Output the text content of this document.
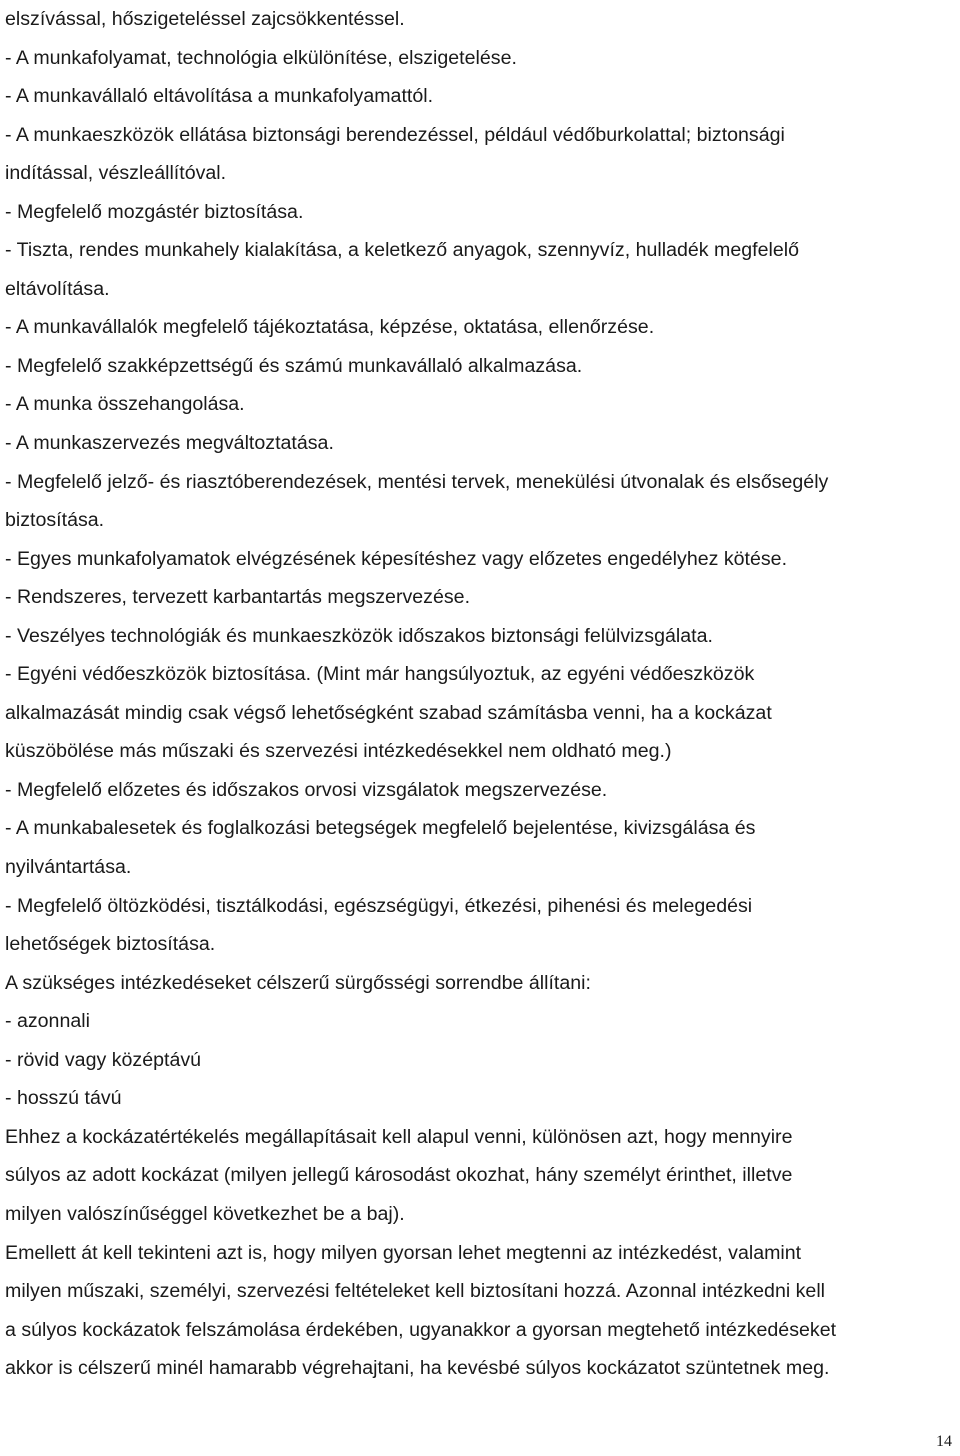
elszívással, hőszigeteléssel zajcsökkentéssel.
- A munkafolyamat, technológia elkülönítése, elszigetelése.
- A munkavállaló eltávolítása a munkafolyamattól.
- A munkaeszközök ellátása biztonsági berendezéssel, például védőburkolattal; biztonsági
indítással, vészleállítóval.
- Megfelelő mozgástér biztosítása.
- Tiszta, rendes munkahely kialakítása, a keletkező anyagok, szennyvíz, hulladék megfelelő
eltávolítása.
- A munkavállalók megfelelő tájékoztatása, képzése, oktatása, ellenőrzése.
- Megfelelő szakképzettségű és számú munkavállaló alkalmazása.
- A munka összehangolása.
- A munkaszervezés megváltoztatása.
- Megfelelő jelző- és riasztóberendezések, mentési tervek, menekülési útvonalak és elsősegély
biztosítása.
- Egyes munkafolyamatok elvégzésének képesítéshez vagy előzetes engedélyhez kötése.
- Rendszeres, tervezett karbantartás megszervezése.
- Veszélyes technológiák és munkaeszközök időszakos biztonsági felülvizsgálata.
- Egyéni védőeszközök biztosítása. (Mint már hangsúlyoztuk, az egyéni védőeszközök
alkalmazását mindig csak végső lehetőségként szabad számításba venni, ha a kockázat
küszöbölése más műszaki és szervezési intézkedésekkel nem oldható meg.)
- Megfelelő előzetes és időszakos orvosi vizsgálatok megszervezése.
- A munkabalesetek és foglalkozási betegségek megfelelő bejelentése, kivizsgálása és
nyilvántartása.
- Megfelelő öltözködési, tisztálkodási, egészségügyi, étkezési, pihenési és melegedési
lehetőségek biztosítása.
A szükséges intézkedéseket célszerű sürgősségi sorrendbe állítani:
- azonnali
- rövid vagy középtávú
- hosszú távú
Ehhez a kockázatértékelés megállapításait kell alapul venni, különösen azt, hogy mennyire
súlyos az adott kockázat (milyen jellegű károsodást okozhat, hány személyt érinthet, illetve
milyen valószínűséggel következhet be a baj).
Emellett át kell tekinteni azt is, hogy milyen gyorsan lehet megtenni az intézkedést, valamint
milyen műszaki, személyi, szervezési feltételeket kell biztosítani hozzá. Azonnal intézkedni kell
a súlyos kockázatok felszámolása érdekében, ugyanakkor a gyorsan megtehető intézkedéseket
akkor is célszerű minél hamarabb végrehajtani, ha kevésbé súlyos kockázatot szüntetnek meg.
14
